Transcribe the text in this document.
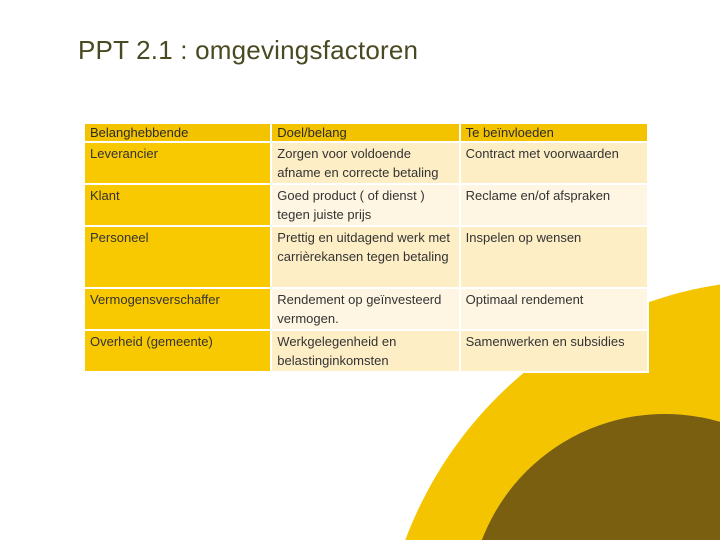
PPT 2.1 : omgevingsfactoren
Belanghebbende	Doel/belang	Te beïnvloeden
Leverancier	Zorgen voor voldoende afname en correcte betaling	Contract met voorwaarden
Klant	Goed product ( of dienst ) tegen juiste prijs	Reclame en/of afspraken
Personeel	Prettig en uitdagend werk met carrièrekansen tegen betaling	Inspelen op wensen
Vermogensverschaffer	Rendement op geïnvesteerd vermogen.	Optimaal rendement
Overheid (gemeente)	Werkgelegenheid en belastinginkomsten	Samenwerken en subsidies
